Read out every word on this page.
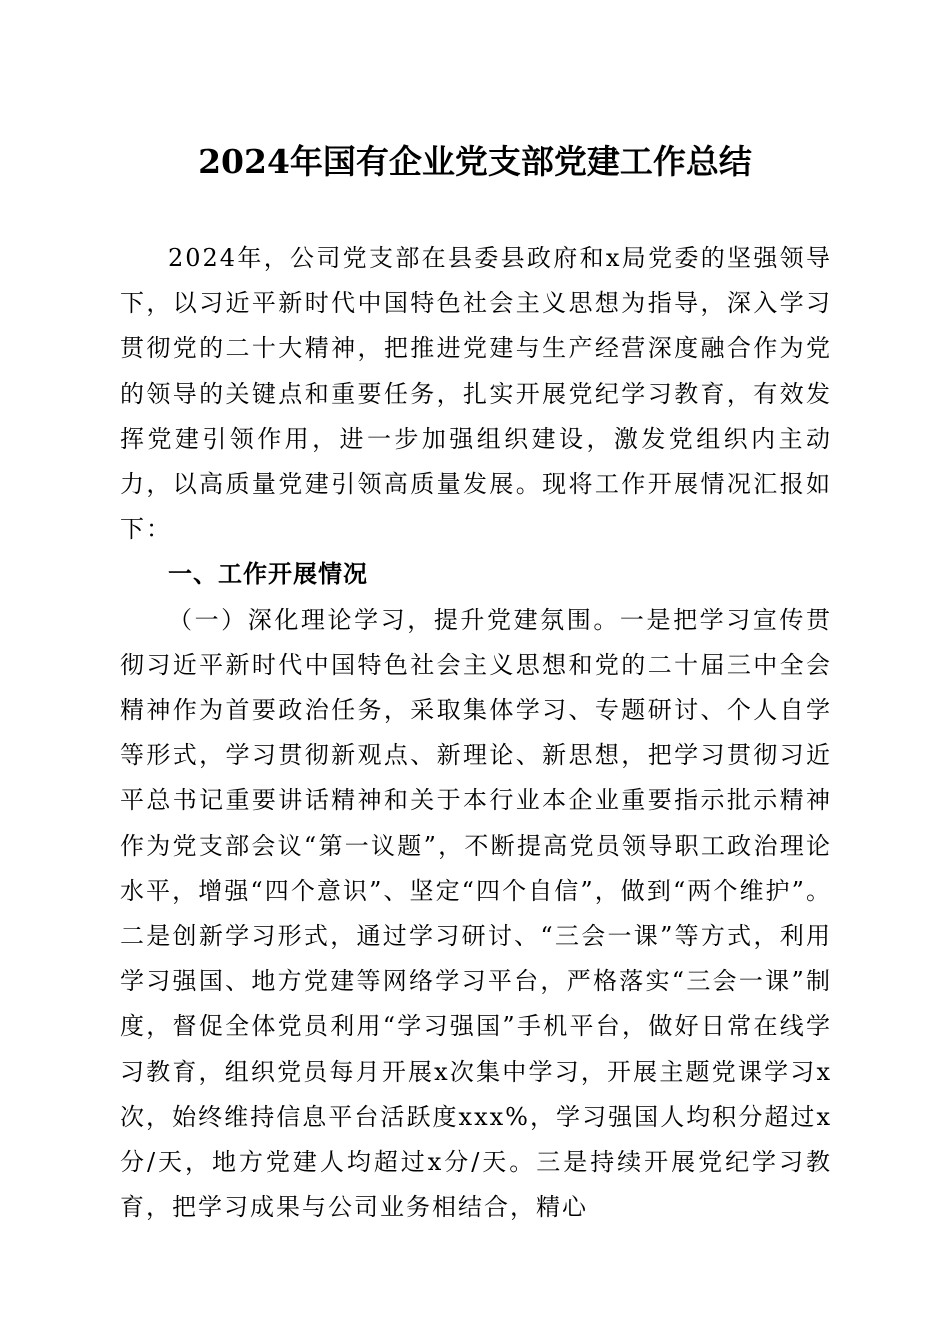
2024年国有企业党支部党建工作总结

2024年，公司党支部在县委县政府和x局党委的坚强领导下，以习近平新时代中国特色社会主义思想为指导，深入学习贯彻党的二十大精神，把推进党建与生产经营深度融合作为党的领导的关键点和重要任务，扎实开展党纪学习教育，有效发挥党建引领作用，进一步加强组织建设，激发党组织内主动力，以高质量党建引领高质量发展。现将工作开展情况汇报如下：

一、工作开展情况

（一）深化理论学习，提升党建氛围。一是把学习宣传贯彻习近平新时代中国特色社会主义思想和党的二十届三中全会精神作为首要政治任务，采取集体学习、专题研讨、个人自学等形式，学习贯彻新观点、新理论、新思想，把学习贯彻习近平总书记重要讲话精神和关于本行业本企业重要指示批示精神作为党支部会议“第一议题”，不断提高党员领导职工政治理论水平，增强“四个意识”、坚定“四个自信”，做到“两个维护”。二是创新学习形式，通过学习研讨、“三会一课”等方式，利用学习强国、地方党建等网络学习平台，严格落实“三会一课”制度，督促全体党员利用“学习强国”手机平台，做好日常在线学习教育，组织党员每月开展x次集中学习，开展主题党课学习x次，始终维持信息平台活跃度xxx%，学习强国人均积分超过x分/天，地方党建人均超过x分/天。三是持续开展党纪学习教育，把学习成果与公司业务相结合，精心
